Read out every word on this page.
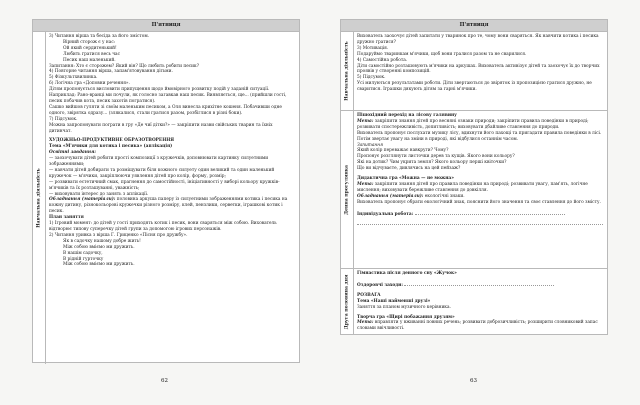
П'ятниця
Навчальна діяльність

3) Читання вірша та бесіда за його змістом.

Вірний сторож є у нас:

Ой який сердитенький!

Любить гратися весь час

Песик наш маленький.

Запитання: Хто є сторожем? Який він? Що любить робити песик?

4) Повторне читання вірша, запам'ятовування дітьми.

5) Фізкультхвилинка.

6) Логічна гра «Доповни речення».

Дітям пропонується висловити припущення щодо ймовірного розвитку подій у заданій ситуації.

Наприклад: Рано-вранці ми почули, як голосно загавкав наш песик. Виявляється, ще... (прийшли гості, песик побачив кота, песик захотів погратися).

Сашко вийшов гуляти зі своїм маленьким песиком, а Оля винесла крихітне кошеня. Побачивши одне одного, звірятка одразу... (злякалися, стали гратися разом, розбіглися в різні боки).

7) Підсумок.

Можна запропонувати пограти в гру «Де чиї дітки?» — закріпити назви свійських тварин та їхніх дитинчат.

ХУДОЖНЬО-ПРОДУКТИВНЕ ОБРАЗОТВОРЕННЯ

Тема «М'ячики для котика і песика» (аплікація)

Освітні завдання:

— заохочувати дітей робити прості композиції з кружечків, доповнювати картинку силуетними зображеннями;

— навчати дітей добирати та розміщувати біля кожного силуету один великий та один маленький кружечок — м'ячики, закріплюючи уявлення дітей про колір, форму, розмір;

— розвивати естетичний смак, прагнення до самостійності, ініціативності у виборі кольору кружків-м'ячиків та їх розташуванні, уважність;

— виховувати інтерес до занять з аплікації.

Обладнання (матеріали): половина аркуша паперу із силуетними зображеннями котика і песика на кожну дитину, різнокольорові кружечки різного розміру, клей, пензлики, серветки, іграшкові котик і песик.

План заняття

1) Ігровий момент: до дітей у гості приходять котик і песик, вони сваряться між собою. Вихователь відтворює типову суперечку дітей групи за допомогою ігрових персонажів.

2) Читання уривка з вірша Г. Гриценко «Пісня про дружбу».

Як в садочку нашому добре жить!

Між собою вміємо ми дружить.

В нашім садочку,

В рідній гурточку

Між собою вміємо ми дружить.

62
П'ятниця
Навчальна діяльність

Вихователь заохочує дітей запитати у тваринок про те, чому вони сваряться. Як навчити котика і песика дружно гратися?

3) Мотивація.

Подаруймо тваринкам м'ячики, щоб вони гралися разом та не сварилися.

4) Самостійна робота.

Діти самостійно розташовують м'ячики на аркушах. Вихователь активізує дітей та заохочує їх до творчих проявів у створенні композицій.

5) Підсумок.

Усі милуються результатами роботи. Діти звертаються до звіряток із пропозицією гратися дружно, не сваритися. Іграшки дякують дітям за гарні м'ячики.

Денна прогулянка

Пішохідний перехід на лісову галявину

Мета: закріпити знання дітей про весняні ознаки природи; закріпити правила поведінки в природі; розвивати спостережливість, допитливість; виховувати дбайливе ставлення до природи.

Вихователь пропонує послухати музику лісу, вдихнути його пахощі та пригадати правила поведінки в лісі. Потім звертає увагу на зміни в природі, які відбулися останнім часом.

Запитання

Який колір переважає навкруги? Чому?

Пропонує розглянути листочки дерев та кущів. Якого вони кольору?

Які на дотик? Чим укрита земля? Якого кольору перші квіточки?

Що ви відчуваєте, дивлячись на цей пейзаж?

Дидактична гра «Можна — не можна»

Мета: закріпити знання дітей про правила поведінки на природі; розвивати увагу, пам'ять, логічне мислення; виховувати бережливе ставлення до довкілля.

Обладнання (матеріали): екологічні знаки.

Вихователь пропонує обрати екологічний знак, пояснити його значення та своє ставлення до його змісту.

Індивідуальна робота:

Друга половина дня

Гімнастика після денного сну «Жучок»

Оздоровчі заходи:

РОЗВАГА

Тема «Наші найменші друзі»

Заняття за планом музичного керівника.

Творча гра «Щирі побажання друзям»

Мета: вправляти у вживанні повних речень; розвивати доброзичливість; розширити словниковий запас словами ввічливості.

63
